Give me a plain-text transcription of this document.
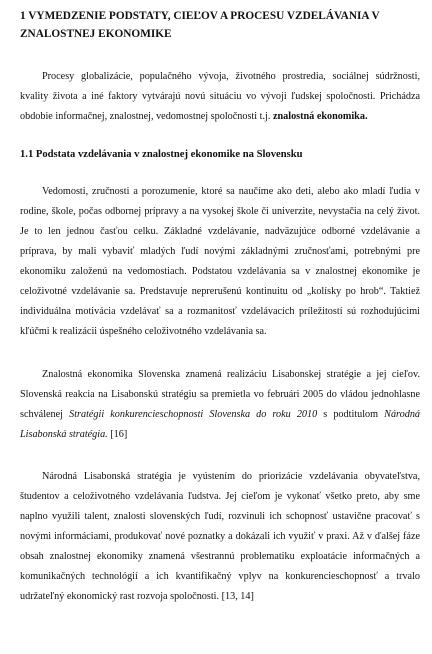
1 VYMEDZENIE PODSTATY, CIEĽOV A PROCESU VZDELÁVANIA V ZNALOSTNEJ EKONOMIKE

Procesy globalizácie, populačného vývoja, životného prostredia, sociálnej súdržnosti, kvality života a iné faktory vytvárajú novú situáciu vo vývoji ľudskej spoločnosti. Prichádza obdobie informačnej, znalostnej, vedomostnej spoločnosti t.j. znalostná ekonomika.

1.1 Podstata vzdelávania v znalostnej ekonomike na Slovensku

Vedomosti, zručnosti a porozumenie, ktoré sa naučíme ako deti, alebo ako mladí ľudia v rodine, škole, počas odbornej prípravy a na vysokej škole či univerzite, nevystačia na celý život. Je to len jednou časťou celku. Základné vzdelávanie, nadväzujúce odborné vzdelávanie a príprava, by mali vybaviť mladých ľudí novými základnými zručnosťami, potrebnými pre ekonomiku založenú na vedomostiach. Podstatou vzdelávania sa v znalostnej ekonomike je celoživotné vzdelávanie sa. Predstavuje neprerušenú kontinuitu od „kolísky po hrob“. Taktiež individuálna motivácia vzdelávať sa a rozmanitosť vzdelávacích príležitostí sú rozhodujúcimi kľúčmi k realizácii úspešného celoživotného vzdelávania sa.

Znalostná ekonomika Slovenska znamená realizáciu Lisabonskej stratégie a jej cieľov. Slovenská reakcia na Lisabonskú stratégiu sa premietla vo februári 2005 do vládou jednohlasne schválenej Stratégii konkurencieschopnosti Slovenska do roku 2010 s podtitulom Národná Lisabonská stratégia. [16]

Národná Lisabonská stratégia je vyústením do priorizácie vzdelávania obyvateľstva, študentov a celoživotného vzdelávania ľudstva. Jej cieľom je vykonať všetko preto, aby sme naplno využili talent, znalosti slovenských ľudí, rozvinuli ich schopnosť ustavične pracovať s novými informáciami, produkovať nové poznatky a dokázali ich využiť v praxi. Až v ďalšej fáze obsah znalostnej ekonomiky znamená všestrannú problematiku exploatácie informačných a komunikačných technológií a ich kvantifikačný vplyv na konkurencieschopnosť a trvalo udržateľný ekonomický rast rozvoja spoločnosti. [13, 14]
